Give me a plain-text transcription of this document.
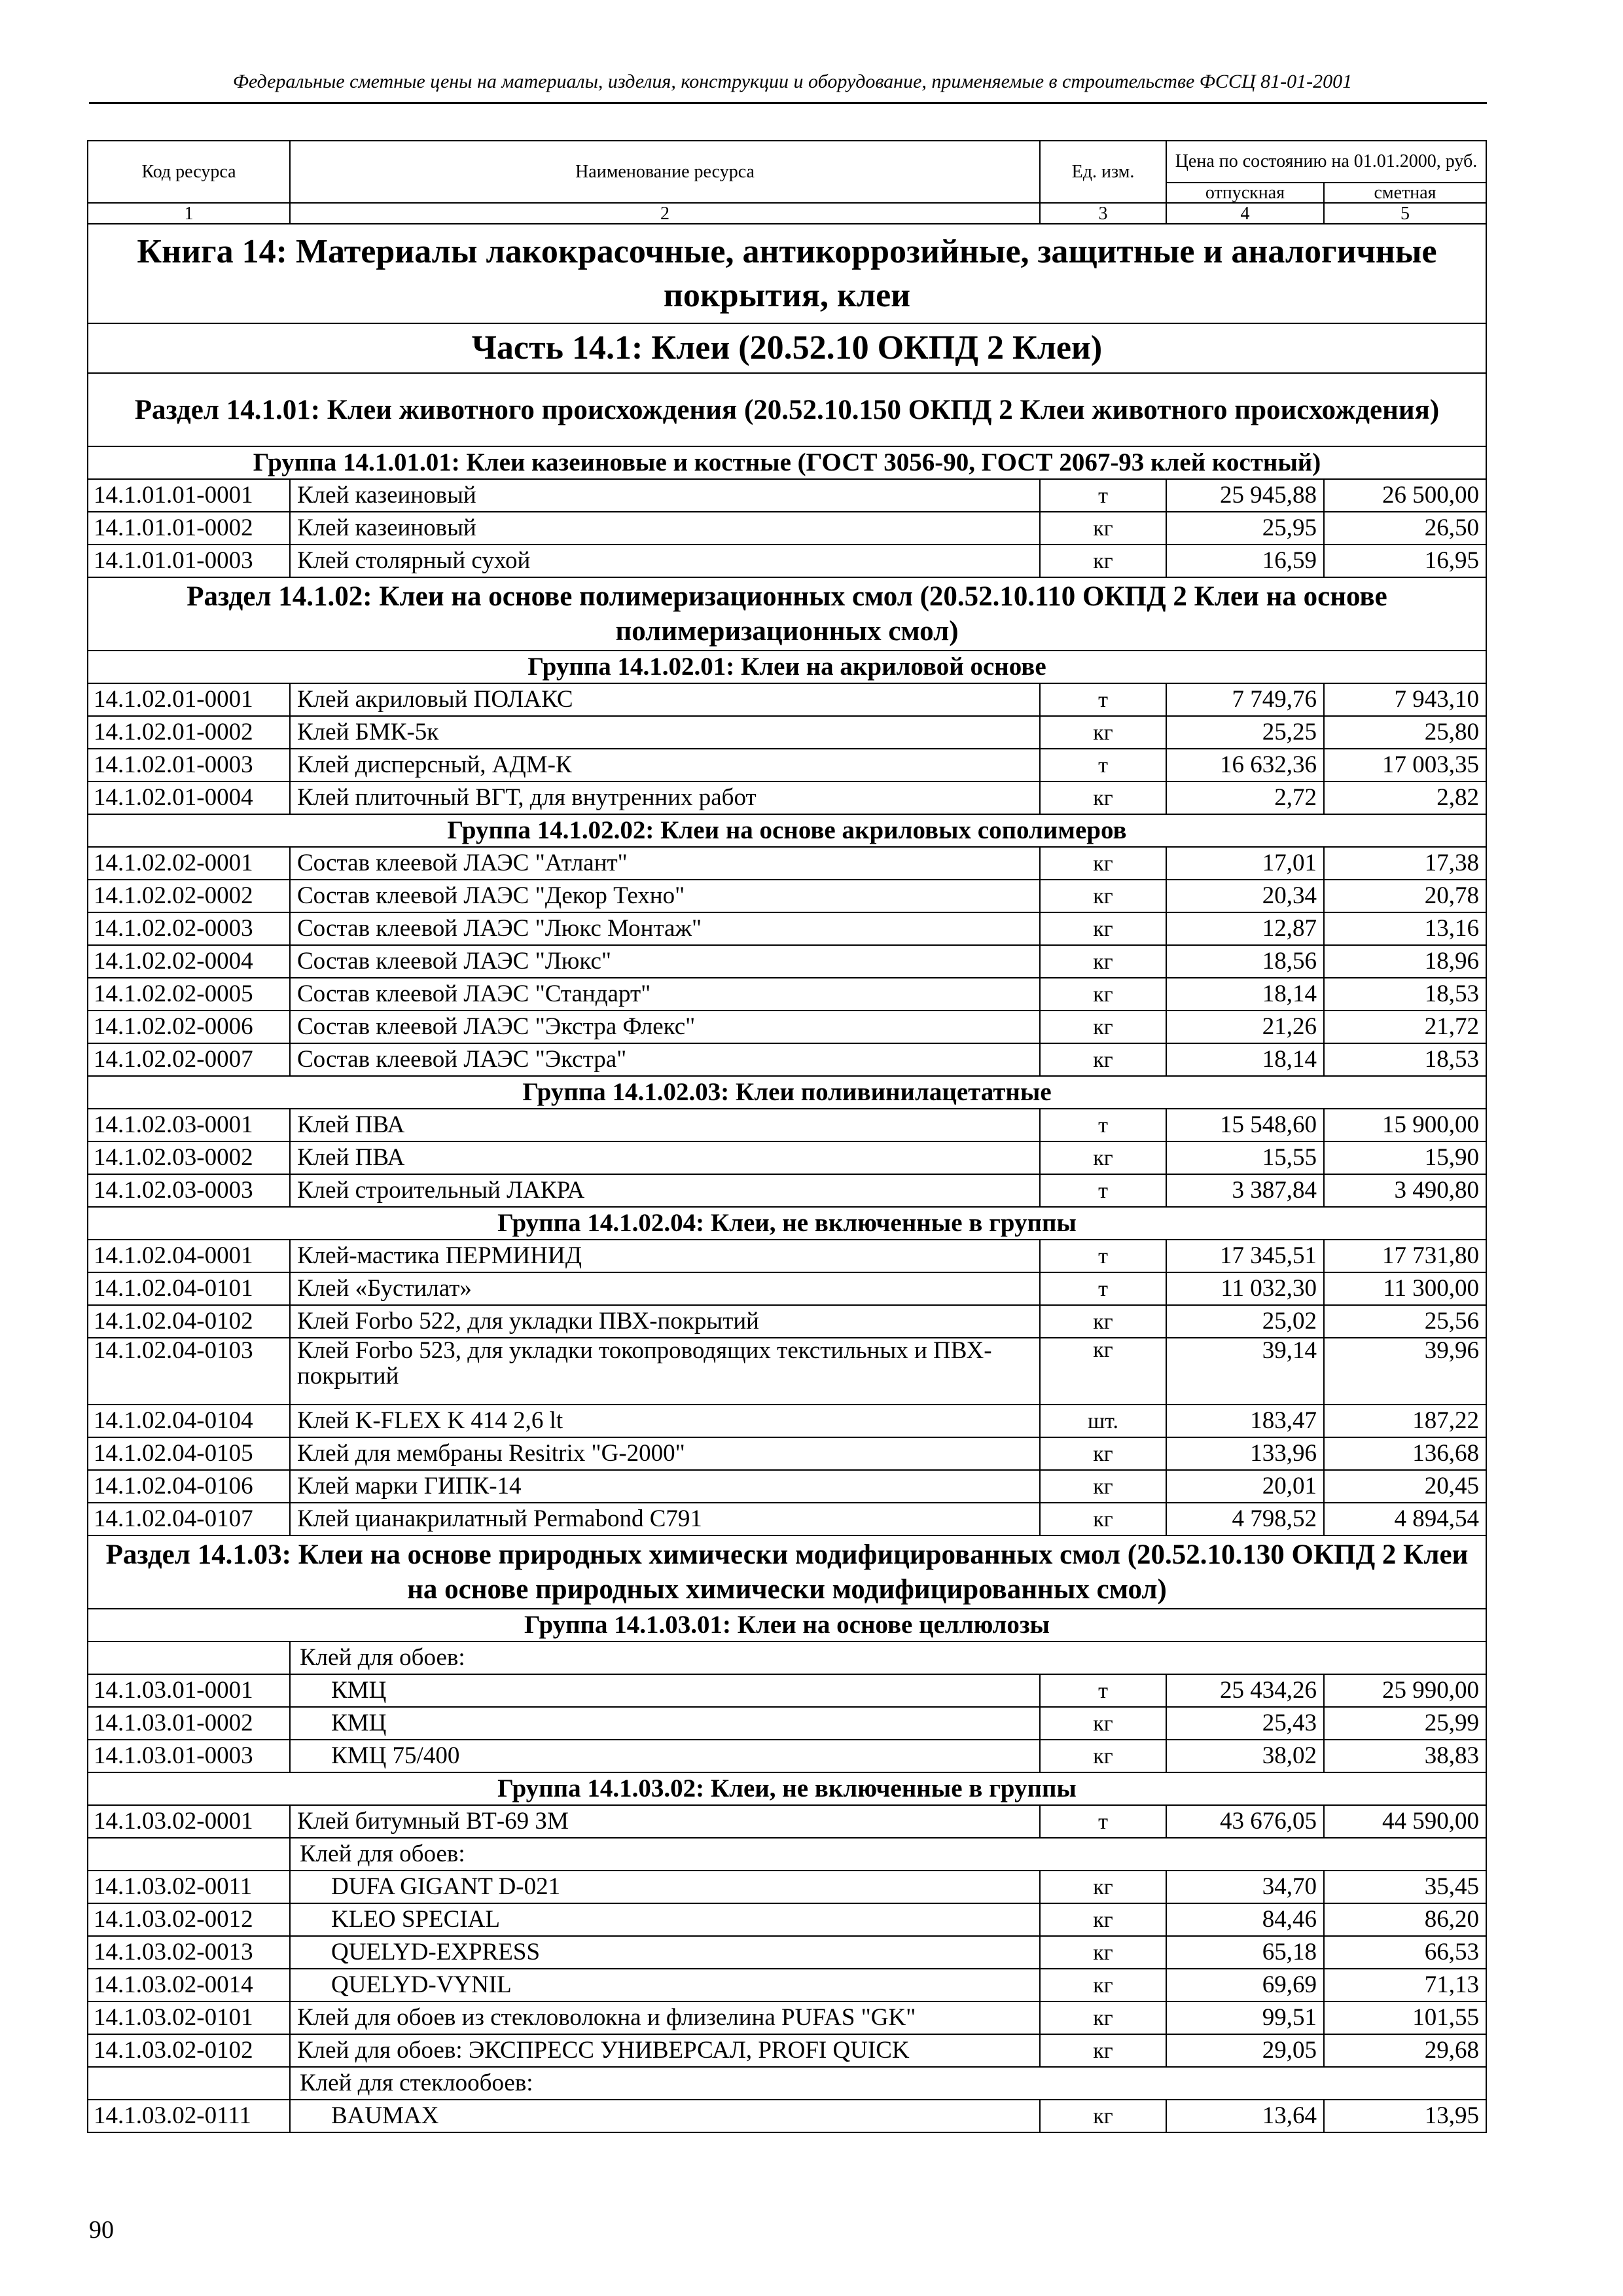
Федеральные сметные цены на материалы, изделия, конструкции и оборудование, применяемые в строительстве ФССЦ 81-01-2001
Код ресурса	Наименование ресурса	Ед. изм.	Цена по состоянию на 01.01.2000, руб.	
			отпускная	сметная
1	2	3	4	5
Книга 14: Материалы лакокрасочные, антикоррозийные, защитные и аналогичные покрытия, клеи				
Часть 14.1: Клеи (20.52.10 ОКПД 2 Клеи)				
Раздел 14.1.01: Клеи животного происхождения (20.52.10.150 ОКПД 2 Клеи животного происхождения)				
Группа 14.1.01.01: Клеи казеиновые и костные (ГОСТ 3056-90, ГОСТ 2067-93 клей костный)				
14.1.01.01-0001	Клей казеиновый	т	25 945,88	26 500,00
14.1.01.01-0002	Клей казеиновый	кг	25,95	26,50
14.1.01.01-0003	Клей столярный сухой	кг	16,59	16,95
Раздел 14.1.02: Клеи на основе полимеризационных смол (20.52.10.110 ОКПД 2 Клеи на основе полимеризационных смол)				
Группа 14.1.02.01: Клеи на акриловой основе				
14.1.02.01-0001	Клей акриловый ПОЛАКС	т	7 749,76	7 943,10
14.1.02.01-0002	Клей БМК-5к	кг	25,25	25,80
14.1.02.01-0003	Клей дисперсный, АДМ-К	т	16 632,36	17 003,35
14.1.02.01-0004	Клей плиточный ВГТ, для внутренних работ	кг	2,72	2,82
Группа 14.1.02.02: Клеи на основе акриловых сополимеров				
14.1.02.02-0001	Состав клеевой ЛАЭС "Атлант"	кг	17,01	17,38
14.1.02.02-0002	Состав клеевой ЛАЭС "Декор Техно"	кг	20,34	20,78
14.1.02.02-0003	Состав клеевой ЛАЭС "Люкс Монтаж"	кг	12,87	13,16
14.1.02.02-0004	Состав клеевой ЛАЭС "Люкс"	кг	18,56	18,96
14.1.02.02-0005	Состав клеевой ЛАЭС "Стандарт"	кг	18,14	18,53
14.1.02.02-0006	Состав клеевой ЛАЭС "Экстра Флекс"	кг	21,26	21,72
14.1.02.02-0007	Состав клеевой ЛАЭС "Экстра"	кг	18,14	18,53
Группа 14.1.02.03: Клеи поливинилацетатные				
14.1.02.03-0001	Клей ПВА	т	15 548,60	15 900,00
14.1.02.03-0002	Клей ПВА	кг	15,55	15,90
14.1.02.03-0003	Клей строительный ЛАКРА	т	3 387,84	3 490,80
Группа 14.1.02.04: Клеи, не включенные в группы				
14.1.02.04-0001	Клей-мастика ПЕРМИНИД	т	17 345,51	17 731,80
14.1.02.04-0101	Клей «Бустилат»	т	11 032,30	11 300,00
14.1.02.04-0102	Клей Forbo 522, для укладки ПВХ-покрытий	кг	25,02	25,56
14.1.02.04-0103	Клей Forbo 523, для укладки токопроводящих текстильных и ПВХ-покрытий	кг	39,14	39,96
14.1.02.04-0104	Клей K-FLEX K 414 2,6 lt	шт.	183,47	187,22
14.1.02.04-0105	Клей для мембраны Resitrix "G-2000"	кг	133,96	136,68
14.1.02.04-0106	Клей марки ГИПК-14	кг	20,01	20,45
14.1.02.04-0107	Клей цианакрилатный Permabond C791	кг	4 798,52	4 894,54
Раздел 14.1.03: Клеи на основе природных химически модифицированных смол (20.52.10.130 ОКПД 2 Клеи на основе природных химически модифицированных смол)				
Группа 14.1.03.01: Клеи на основе целлюлозы				
	Клей для обоев:			
14.1.03.01-0001	КМЦ	т	25 434,26	25 990,00
14.1.03.01-0002	КМЦ	кг	25,43	25,99
14.1.03.01-0003	КМЦ 75/400	кг	38,02	38,83
Группа 14.1.03.02: Клеи, не включенные в группы				
14.1.03.02-0001	Клей битумный ВТ-69 ЗМ	т	43 676,05	44 590,00
	Клей для обоев:			
14.1.03.02-0011	DUFA GIGANT D-021	кг	34,70	35,45
14.1.03.02-0012	KLEO SPECIAL	кг	84,46	86,20
14.1.03.02-0013	QUELYD-EXPRESS	кг	65,18	66,53
14.1.03.02-0014	QUELYD-VYNIL	кг	69,69	71,13
14.1.03.02-0101	Клей для обоев из стекловолокна и флизелина PUFAS "GK"	кг	99,51	101,55
14.1.03.02-0102	Клей для обоев: ЭКСПРЕСС УНИВЕРСАЛ, PROFI QUICK	кг	29,05	29,68
	Клей для стеклообоев:			
14.1.03.02-0111	BAUMAX	кг	13,64	13,95
90
